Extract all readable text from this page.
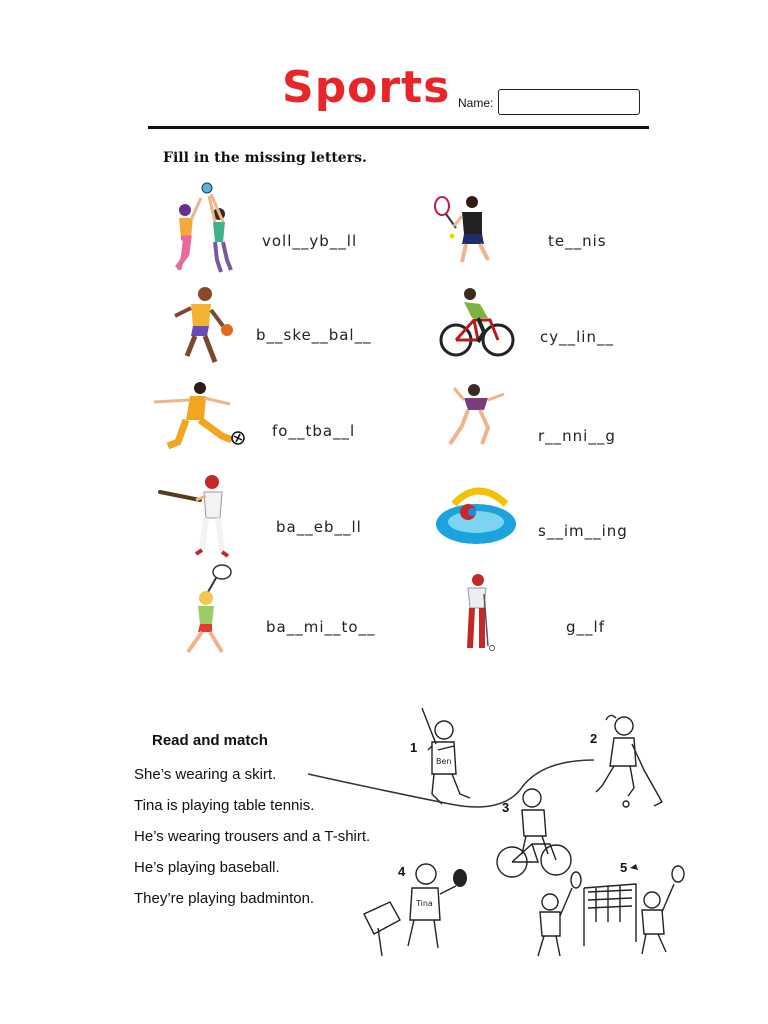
Sports Name:
Fill in the missing letters.
voll__yb__ll	te__nis
b__ske__bal__	cy__lin__
fo__tba__l	r__nni__g
ba__eb__ll	s__im__ing
ba__mi__to__	g__lf
Read and match
She’s wearing a skirt.
Tina is playing table tennis.
He’s wearing trousers and a T-shirt.
He’s playing baseball.
They’re playing badminton.
1
Ben
2
3
4
Tina
5
